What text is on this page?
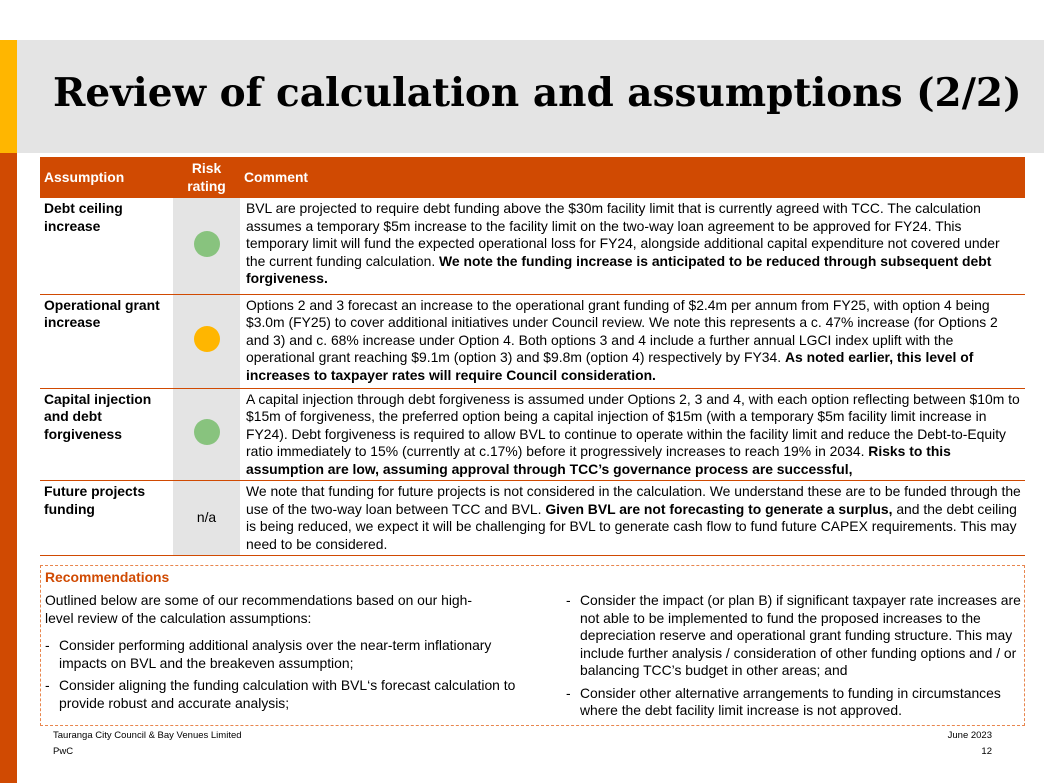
Review of calculation and assumptions (2/2)
Assumption	Risk rating	Comment
Debt ceiling increase		BVL are projected to require debt funding above the $30m facility limit that is currently agreed with TCC. The calculation assumes a temporary $5m increase to the facility limit on the two-way loan agreement to be approved for FY24. This temporary limit will fund the expected operational loss for FY24, alongside additional capital expenditure not covered under the current funding calculation. We note the funding increase is anticipated to be reduced through subsequent debt forgiveness.
Operational grant increase		Options 2 and 3 forecast an increase to the operational grant funding of $2.4m per annum from FY25, with option 4 being $3.0m (FY25) to cover additional initiatives under Council review. We note this represents a c. 47% increase (for Options 2 and 3) and c. 68% increase under Option 4. Both options 3 and 4 include a further annual LGCI index uplift with the operational grant reaching $9.1m (option 3) and $9.8m (option 4) respectively by FY34. As noted earlier, this level of increases to taxpayer rates will require Council consideration.
Capital injection and debt forgiveness		A capital injection through debt forgiveness is assumed under Options 2, 3 and 4, with each option reflecting between $10m to $15m of forgiveness, the preferred option being a capital injection of $15m (with a temporary $5m facility limit increase in FY24). Debt forgiveness is required to allow BVL to continue to operate within the facility limit and reduce the Debt-to-Equity ratio immediately to 15% (currently at c.17%) before it progressively increases to reach 19% in 2034. Risks to this assumption are low, assuming approval through TCC’s governance process are successful,
Future projects funding	n/a	We note that funding for future projects is not considered in the calculation. We understand these are to be funded through the use of the two-way loan between TCC and BVL. Given BVL are not forecasting to generate a surplus, and the debt ceiling is being reduced, we expect it will be challenging for BVL to generate cash flow to fund future CAPEX requirements. This may need to be considered.
Recommendations
Outlined below are some of our recommendations based on our high-level review of the calculation assumptions:
- Consider performing additional analysis over the near-term inflationary impacts on BVL and the breakeven assumption;
- Consider aligning the funding calculation with BVL‘s forecast calculation to provide robust and accurate analysis;
- Consider the impact (or plan B) if significant taxpayer rate increases are not able to be implemented to fund the proposed increases to the depreciation reserve and operational grant funding structure. This may include further analysis / consideration of other funding options and / or balancing TCC’s budget in other areas; and
- Consider other alternative arrangements to funding in circumstances where the debt facility limit increase is not approved.
Tauranga City Council & Bay Venues Limited
PwC
June 2023
12
